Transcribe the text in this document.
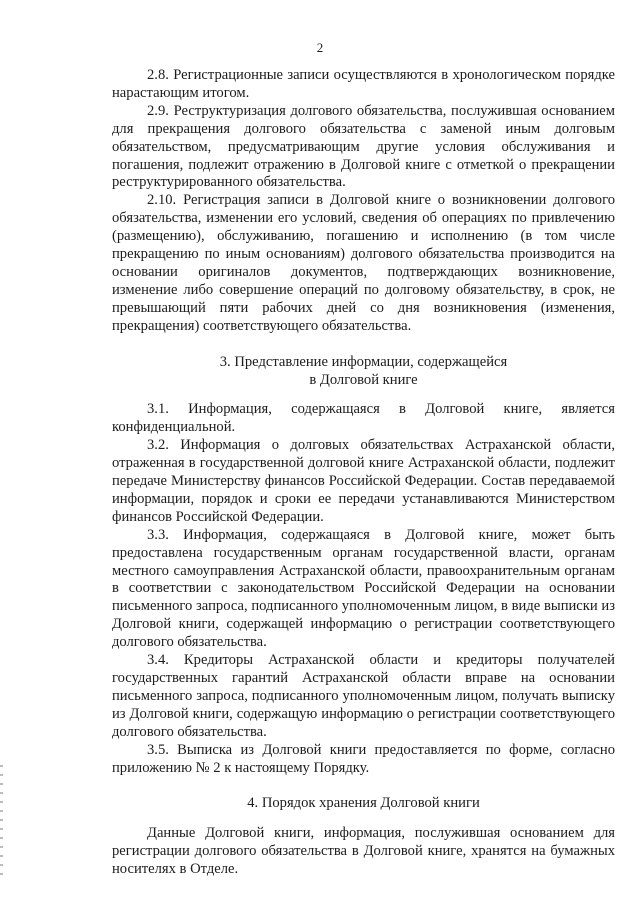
2

2.8. Регистрационные записи осуществляются в хронологическом порядке нарастающим итогом.

2.9. Реструктуризация долгового обязательства, послужившая основанием для прекращения долгового обязательства с заменой иным долговым обязательством, предусматривающим другие условия обслуживания и погашения, подлежит отражению в Долговой книге с отметкой о прекращении реструктурированного обязательства.

2.10. Регистрация записи в Долговой книге о возникновении долгового обязательства, изменении его условий, сведения об операциях по привлечению (размещению), обслуживанию, погашению и исполнению (в том числе прекращению по иным основаниям) долгового обязательства производится на основании оригиналов документов, подтверждающих возникновение, изменение либо совершение операций по долговому обязательству, в срок, не превышающий пяти рабочих дней со дня возникновения (изменения, прекращения) соответствующего обязательства.

3. Представление информации, содержащейся
в Долговой книге

3.1. Информация, содержащаяся в Долговой книге, является конфиденциальной.

3.2. Информация о долговых обязательствах Астраханской области, отраженная в государственной долговой книге Астраханской области, подлежит передаче Министерству финансов Российской Федерации. Состав передаваемой информации, порядок и сроки ее передачи устанавливаются Министерством финансов Российской Федерации.

3.3. Информация, содержащаяся в Долговой книге, может быть предоставлена государственным органам государственной власти, органам местного самоуправления Астраханской области, правоохранительным органам в соответствии с законодательством Российской Федерации на основании письменного запроса, подписанного уполномоченным лицом, в виде выписки из Долговой книги, содержащей информацию о регистрации соответствующего долгового обязательства.

3.4. Кредиторы Астраханской области и кредиторы получателей государственных гарантий Астраханской области вправе на основании письменного запроса, подписанного уполномоченным лицом, получать выписку из Долговой книги, содержащую информацию о регистрации соответствующего долгового обязательства.

3.5. Выписка из Долговой книги предоставляется по форме, согласно приложению № 2 к настоящему Порядку.

4. Порядок хранения Долговой книги

Данные Долговой книги, информация, послужившая основанием для регистрации долгового обязательства в Долговой книге, хранятся на бумажных носителях в Отделе.
